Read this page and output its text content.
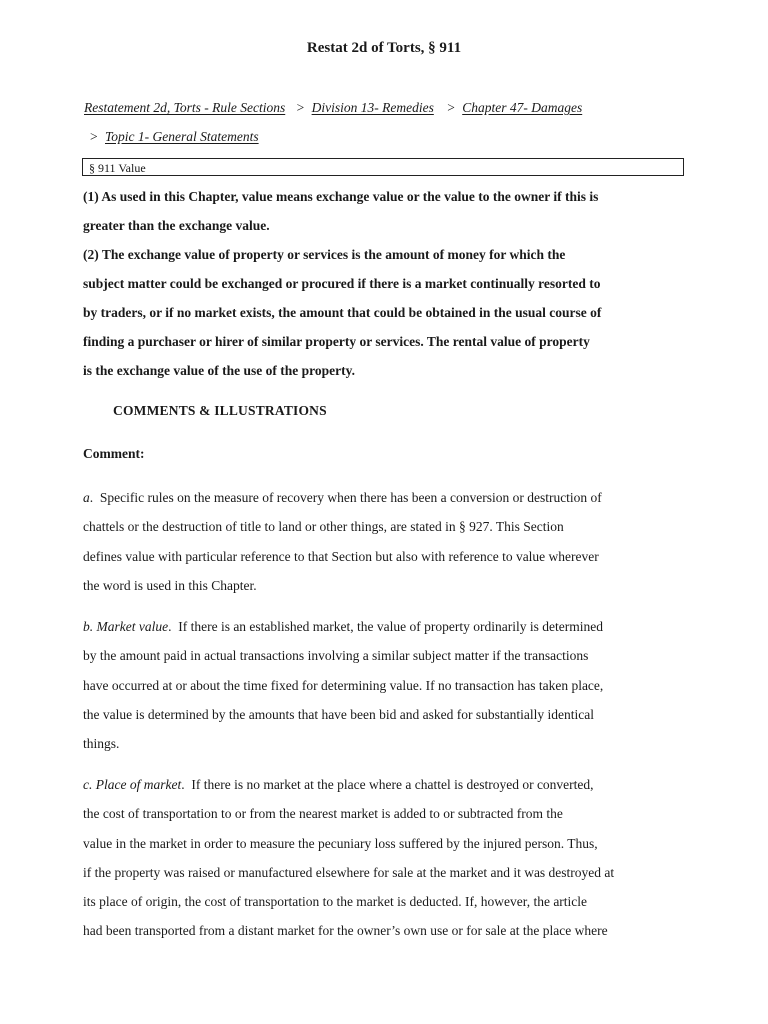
Restat 2d of Torts, § 911
Restatement 2d, Torts - Rule Sections > Division 13- Remedies > Chapter 47- Damages
> Topic 1- General Statements
§ 911 Value
(1) As used in this Chapter, value means exchange value or the value to the owner if this is
greater than the exchange value.
(2) The exchange value of property or services is the amount of money for which the
subject matter could be exchanged or procured if there is a market continually resorted to
by traders, or if no market exists, the amount that could be obtained in the usual course of
finding a purchaser or hirer of similar property or services. The rental value of property
is the exchange value of the use of the property.
COMMENTS & ILLUSTRATIONS
Comment:
a.  Specific rules on the measure of recovery when there has been a conversion or destruction of
chattels or the destruction of title to land or other things, are stated in § 927. This Section
defines value with particular reference to that Section but also with reference to value wherever
the word is used in this Chapter.
b. Market value.  If there is an established market, the value of property ordinarily is determined
by the amount paid in actual transactions involving a similar subject matter if the transactions
have occurred at or about the time fixed for determining value. If no transaction has taken place,
the value is determined by the amounts that have been bid and asked for substantially identical
things.
c. Place of market.  If there is no market at the place where a chattel is destroyed or converted,
the cost of transportation to or from the nearest market is added to or subtracted from the
value in the market in order to measure the pecuniary loss suffered by the injured person. Thus,
if the property was raised or manufactured elsewhere for sale at the market and it was destroyed at
its place of origin, the cost of transportation to the market is deducted. If, however, the article
had been transported from a distant market for the owner’s own use or for sale at the place where
